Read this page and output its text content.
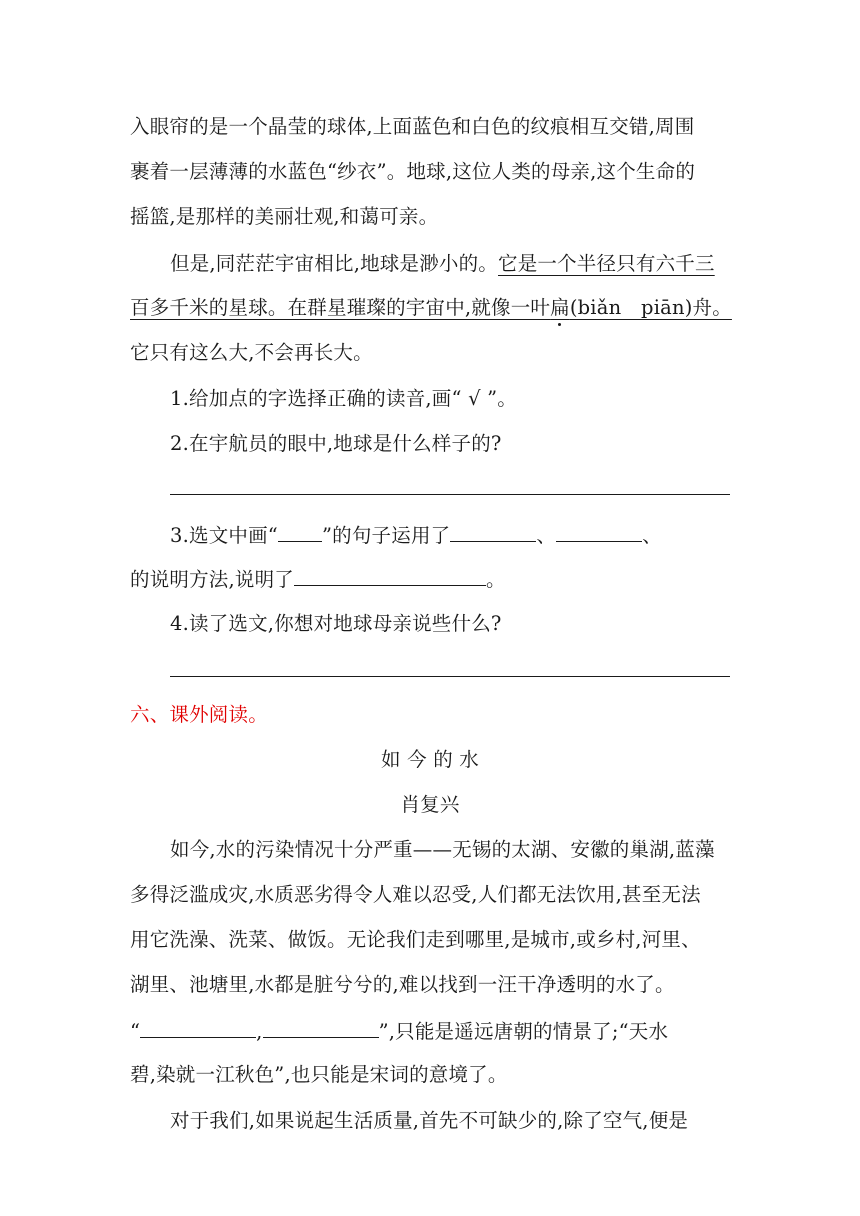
入眼帘的是一个晶莹的球体,上面蓝色和白色的纹痕相互交错,周围
裹着一层薄薄的水蓝色“纱衣”。地球,这位人类的母亲,这个生命的
摇篮,是那样的美丽壮观,和蔼可亲。
但是,同茫茫宇宙相比,地球是渺小的。它是一个半径只有六千三
百多千米的星球。在群星璀璨的宇宙中,就像一叶扁(biǎn　piān)舟。
它只有这么大,不会再长大。
1.给加点的字选择正确的读音,画“ √ ”。
2.在宇航员的眼中,地球是什么样子的?
3.选文中画“ ”的句子运用了	、	、
的说明方法,说明了	。
4.读了选文,你想对地球母亲说些什么?
六、课外阅读。
如 今 的 水
肖复兴
如今,水的污染情况十分严重——无锡的太湖、安徽的巢湖,蓝藻
多得泛滥成灾,水质恶劣得令人难以忍受,人们都无法饮用,甚至无法
用它洗澡、洗菜、做饭。无论我们走到哪里,是城市,或乡村,河里、
湖里、池塘里,水都是脏兮兮的,难以找到一汪干净透明的水了。
“	,	”,只能是遥远唐朝的情景了;“天水
碧,染就一江秋色”,也只能是宋词的意境了。
对于我们,如果说起生活质量,首先不可缺少的,除了空气,便是
